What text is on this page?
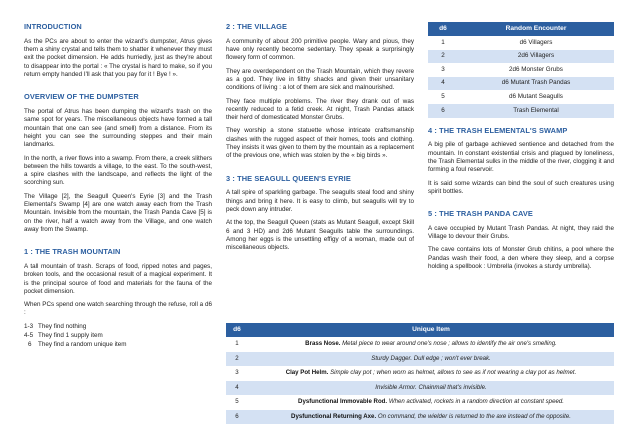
INTRODUCTION

As the PCs are about to enter the wizard's dumpster, Atrus gives them a shiny crystal and tells them to shatter it whenever they must exit the pocket dimension. He adds hurriedly, just as they're about to disappear into the portal : « The crystal is hard to make, so if you return empty handed I'll ask that you pay for it ! Bye ! ».

OVERVIEW OF THE DUMPSTER

The portal of Atrus has been dumping the wizard's trash on the same spot for years. The miscellaneous objects have formed a tall mountain that one can see (and smell) from a distance. From its height you can see the surrounding steppes and their main landmarks.

In the north, a river flows into a swamp. From there, a creek slithers between the hills towards a village, to the east. To the south-west, a spire clashes with the landscape, and reflects the light of the scorching sun.

The Village [2], the Seagull Queen's Eyrie [3] and the Trash Elemental's Swamp [4] are one watch away each from the Trash Mountain. Invisible from the mountain, the Trash Panda Cave [5] is on the river, half a watch away from the Village, and one watch away from the Swamp.

1 : THE TRASH MOUNTAIN

A tall mountain of trash. Scraps of food, ripped notes and pages, broken tools, and the occasional result of a magical experiment. It is the principal source of food and materials for the fauna of the pocket dimension.

When PCs spend one watch searching through the refuse, roll a d6 :

1-3 They find nothing
4-5 They find 1 supply item
6	They find a random unique item
2 : THE VILLAGE

A community of about 200 primitive people. Wary and pious, they have only recently become sedentary. They speak a surprisingly flowery form of common.

They are overdependent on the Trash Mountain, which they revere as a god. They live in filthy shacks and given their unsanitary conditions of living : a lot of them are sick and malnourished.

They face multiple problems. The river they drank out of was recently reduced to a fetid creek. At night, Trash Pandas attack their herd of domesticated Monster Grubs.

They worship a stone statuette whose intricate craftsmanship clashes with the rugged aspect of their homes, tools and clothing. They insists it was given to them by the mountain as a replacement of the previous one, which was stolen by the « big birds ».

3 : THE SEAGULL QUEEN'S EYRIE

A tall spire of sparkling garbage. The seagulls steal food and shiny things and bring it here. It is easy to climb, but seagulls will try to peck down any intruder.

At the top, the Seagull Queen (stats as Mutant Seagull, except Skill 6 and 3 HD) and 2d6 Mutant Seagulls table the surroundings. Among her eggs is the unsettling effigy of a woman, made out of miscellaneous objects.

d6	Random Encounter
1	d6 Villagers
2	2d6 Villagers
3	2d6 Monster Grubs
4	d6 Mutant Trash Pandas
5	d6 Mutant Seagulls
6	Trash Elemental
4 : THE TRASH ELEMENTAL'S SWAMP

A big pile of garbage achieved sentience and detached from the mountain. In constant existential crisis and plagued by loneliness, the Trash Elemental sulks in the middle of the river, clogging it and forming a foul reservoir.

It is said some wizards can bind the soul of such creatures using spirit bottles.

5 : THE TRASH PANDA CAVE

A cave occupied by Mutant Trash Pandas. At night, they raid the Village to devour their Grubs.

The cave contains lots of Monster Grub chitins, a pool where the Pandas wash their food, a den where they sleep, and a corpse holding a spellbook : Umbrella (invokes a sturdy umbrella).

d6	Unique Item
1	Brass Nose. Metal piece to wear around one's nose ; allows to identify the air one's smelling.
2	Sturdy Dagger. Dull edge ; won't ever break.
3	Clay Pot Helm. Simple clay pot ; when worn as helmet, allows to see as if not wearing a clay pot as helmet.
4	Invisible Armor. Chainmail that's invisible.
5	Dysfunctional Immovable Rod. When activated, rockets in a random direction at constant speed.
6	Dysfunctional Returning Axe. On command, the wielder is returned to the axe instead of the opposite.
